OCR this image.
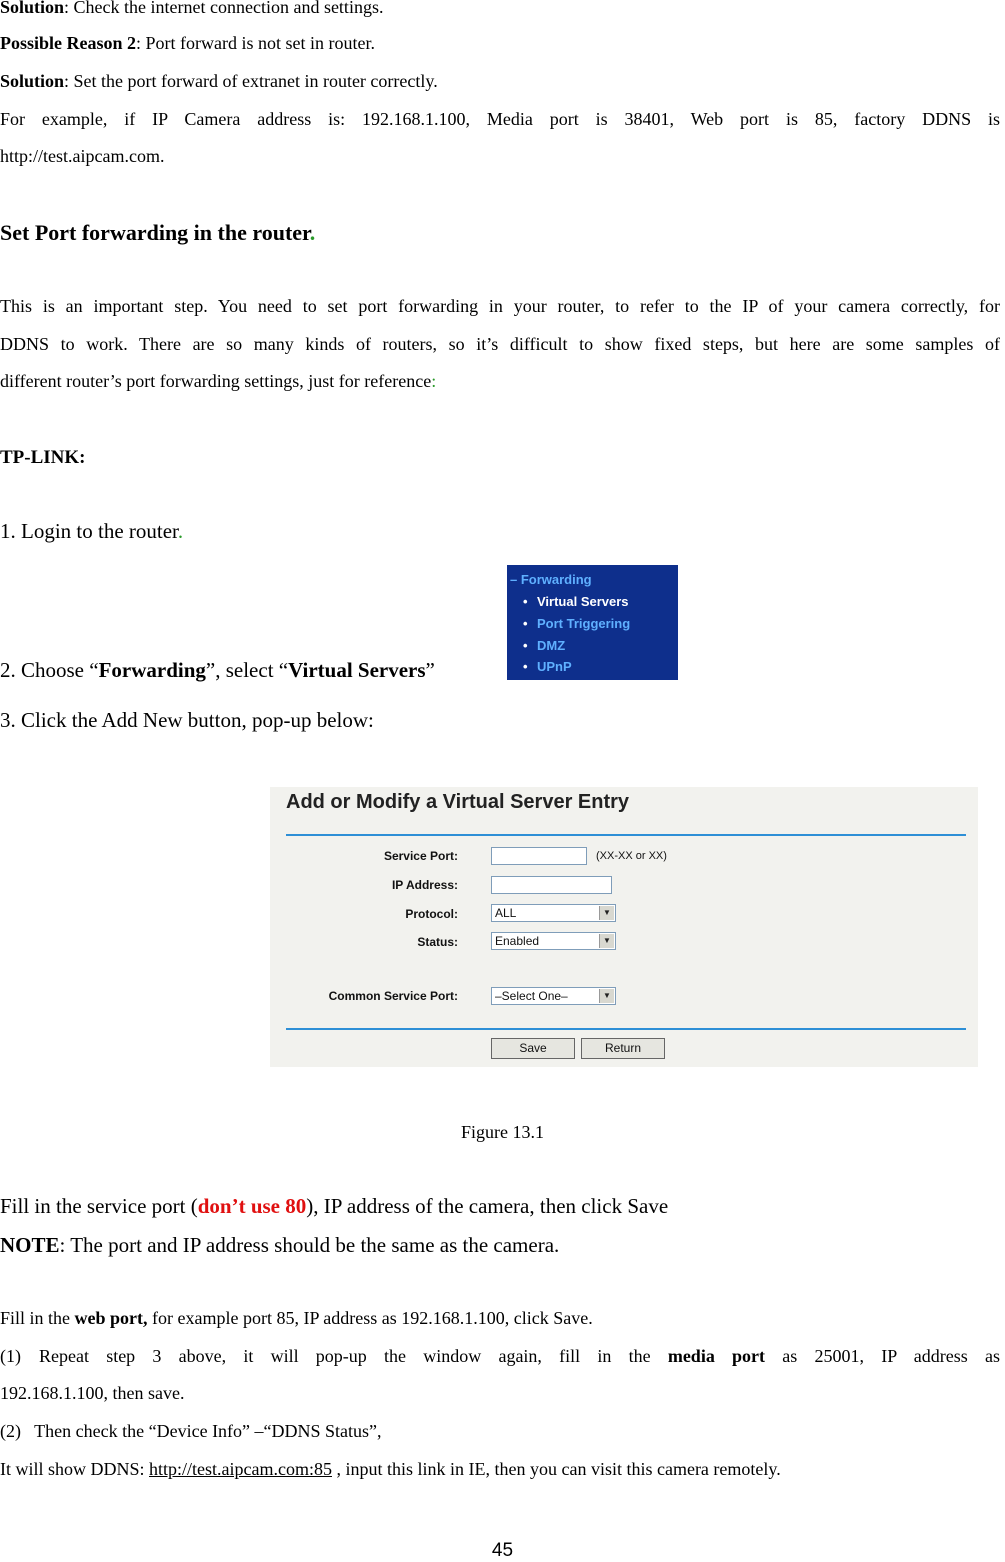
Solution: Check the internet connection and settings.
Possible Reason 2: Port forward is not set in router.
Solution: Set the port forward of extranet in router correctly.
For example, if IP Camera address is: 192.168.1.100, Media port is 38401, Web port is 85, factory DDNS is
http://test.aipcam.com.
Set Port forwarding in the router.
This is an important step. You need to set port forwarding in your router, to refer to the IP of your camera correctly, for
DDNS to work. There are so many kinds of routers, so it’s difficult to show fixed steps, but here are some samples of
different router’s port forwarding settings, just for reference:
TP-LINK:
1. Login to the router.
2. Choose “Forwarding”, select “Virtual Servers”
3. Click the Add New button, pop-up below:
– Forwarding
• Virtual Servers
• Port Triggering
• DMZ
• UPnP
Add or Modify a Virtual Server Entry
Service Port:	(XX-XX or XX)
IP Address:
Protocol:	ALL	▼
Status:	Enabled	▼
Common Service Port:	–Select One–	▼
Save	Return
Figure 13.1
Fill in the service port (don’t use 80), IP address of the camera, then click Save
NOTE: The port and IP address should be the same as the camera.
Fill in the web port, for example port 85, IP address as 192.168.1.100, click Save.
(1) Repeat step 3 above, it will pop-up the window again, fill in the media port as 25001, IP address as
192.168.1.100, then save.
(2)  Then check the “Device Info” –“DDNS Status”,
It will show DDNS: http://test.aipcam.com:85 , input this link in IE, then you can visit this camera remotely.
45
